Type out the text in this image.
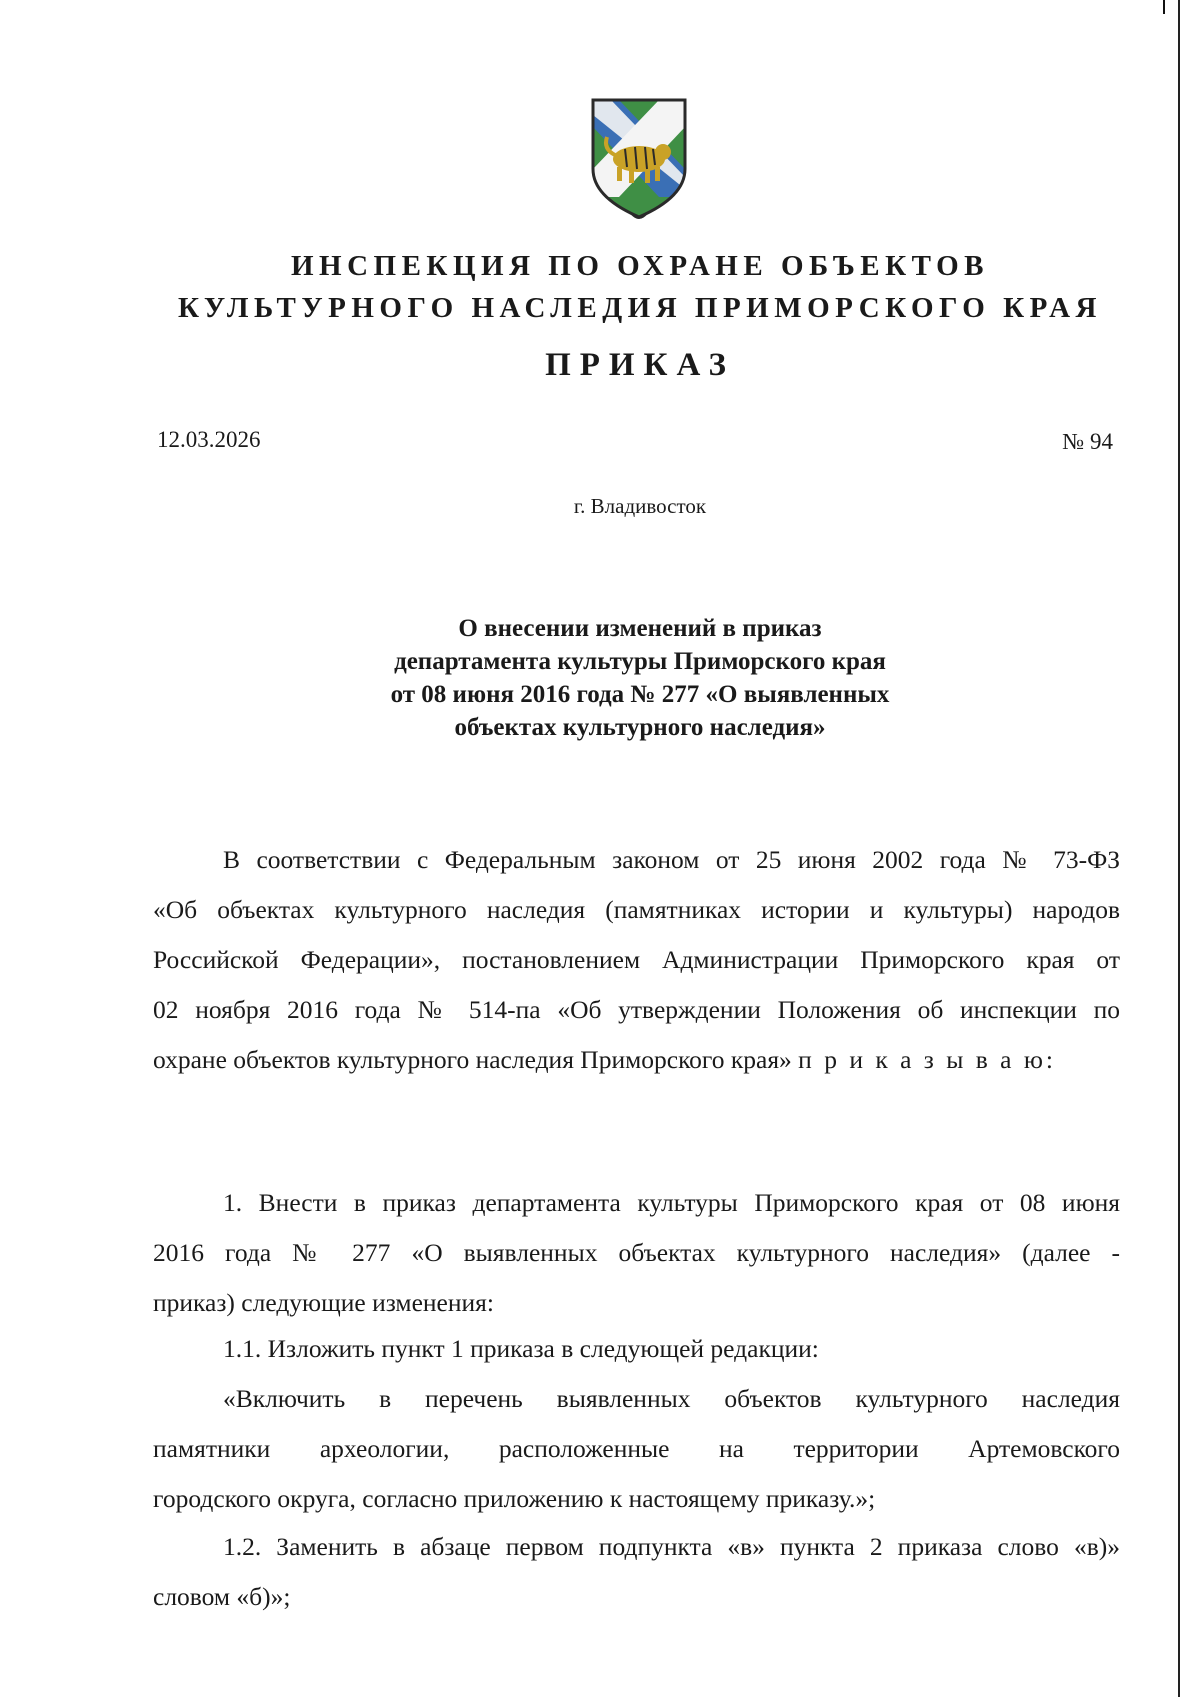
ИНСПЕКЦИЯ ПО ОХРАНЕ ОБЪЕКТОВ
КУЛЬТУРНОГО НАСЛЕДИЯ ПРИМОРСКОГО КРАЯ
ПРИКАЗ
12.03.2026	№ 94
г. Владивосток
О внесении изменений в приказ
департамента культуры Приморского края
от 08 июня 2016 года № 277 «О выявленных
объектах культурного наследия»
В соответствии с Федеральным законом от 25 июня 2002 года № 73-ФЗ
«Об объектах культурного наследия (памятниках истории и культуры) народов
Российской Федерации», постановлением Администрации Приморского края от
02 ноября 2016 года № 514-па «Об утверждении Положения об инспекции по
охране объектов культурного наследия Приморского края» п р и к а з ы в а ю:
1. Внести в приказ департамента культуры Приморского края от 08 июня
2016 года № 277 «О выявленных объектах культурного наследия» (далее -
приказ) следующие изменения:
1.1. Изложить пункт 1 приказа в следующей редакции:
«Включить в перечень выявленных объектов культурного наследия
памятники археологии, расположенные на территории Артемовского
городского округа, согласно приложению к настоящему приказу.»;
1.2. Заменить в абзаце первом подпункта «в» пункта 2 приказа слово «в)»
словом «б)»;
